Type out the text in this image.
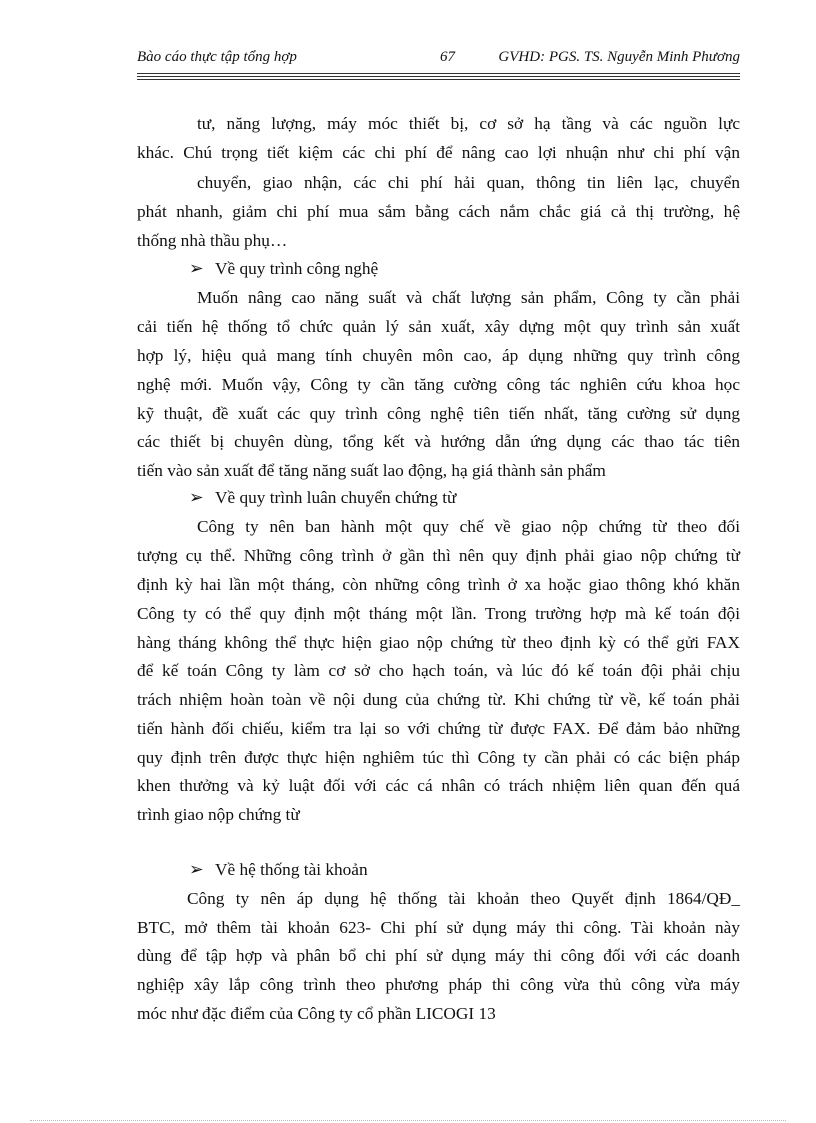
Bào cáo thực tập tổng hợp	67	GVHD: PGS. TS. Nguyễn Minh Phương
tư, năng lượng, máy móc thiết bị, cơ sở hạ tầng và các nguồn lực
khác. Chú trọng tiết kiệm các chi phí để nâng cao lợi nhuận như chi phí vận
chuyển, giao nhận, các chi phí hải quan, thông tin liên lạc, chuyển
phát nhanh, giảm chi phí mua sắm bằng cách nắm chắc giá cả thị trường, hệ
thống nhà thầu phụ…
➢ Về quy trình công nghệ
Muốn nâng cao năng suất và chất lượng sản phẩm, Công ty cần phải
cải tiến hệ thống tổ chức quản lý sản xuất, xây dựng một quy trình sản xuất
hợp lý, hiệu quả mang tính chuyên môn cao, áp dụng những quy trình công
nghệ mới. Muốn vậy, Công ty cần tăng cường công tác nghiên cứu khoa học
kỹ thuật, đề xuất các quy trình công nghệ tiên tiến nhất, tăng cường sử dụng
các thiết bị chuyên dùng, tổng kết và hướng dẫn ứng dụng các thao tác tiên
tiến vào sản xuất để tăng năng suất lao động, hạ giá thành sản phẩm
➢ Về quy trình luân chuyển chứng từ
Công ty nên ban hành một quy chế về giao nộp chứng từ theo đối
tượng cụ thể. Những công trình ở gần thì nên quy định phải giao nộp chứng từ
định kỳ hai lần một tháng, còn những công trình ở xa hoặc giao thông khó khăn
Công ty có thể quy định một tháng một lần. Trong trường hợp mà kế toán đội
hàng tháng không thể thực hiện giao nộp chứng từ theo định kỳ có thể gửi FAX
để kế toán Công ty làm cơ sở cho hạch toán, và lúc đó kế toán đội phải chịu
trách nhiệm hoàn toàn về nội dung của chứng từ. Khi chứng từ về, kế toán phải
tiến hành đối chiếu, kiểm tra lại so với chứng từ được FAX. Để đảm bảo những
quy định trên được thực hiện nghiêm túc thì Công ty cần phải có các biện pháp
khen thưởng và kỷ luật đối với các cá nhân có trách nhiệm liên quan đến quá
trình giao nộp chứng từ
➢ Về hệ thống tài khoản
Công ty nên áp dụng hệ thống tài khoản theo Quyết định 1864/QĐ_
BTC, mở thêm tài khoản 623- Chi phí sử dụng máy thi công. Tài khoản này
dùng để tập hợp và phân bổ chi phí sử dụng máy thi công đối với các doanh
nghiệp xây lắp công trình theo phương pháp thi công vừa thủ công vừa máy
móc như đặc điểm của Công ty cổ phần LICOGI 13
